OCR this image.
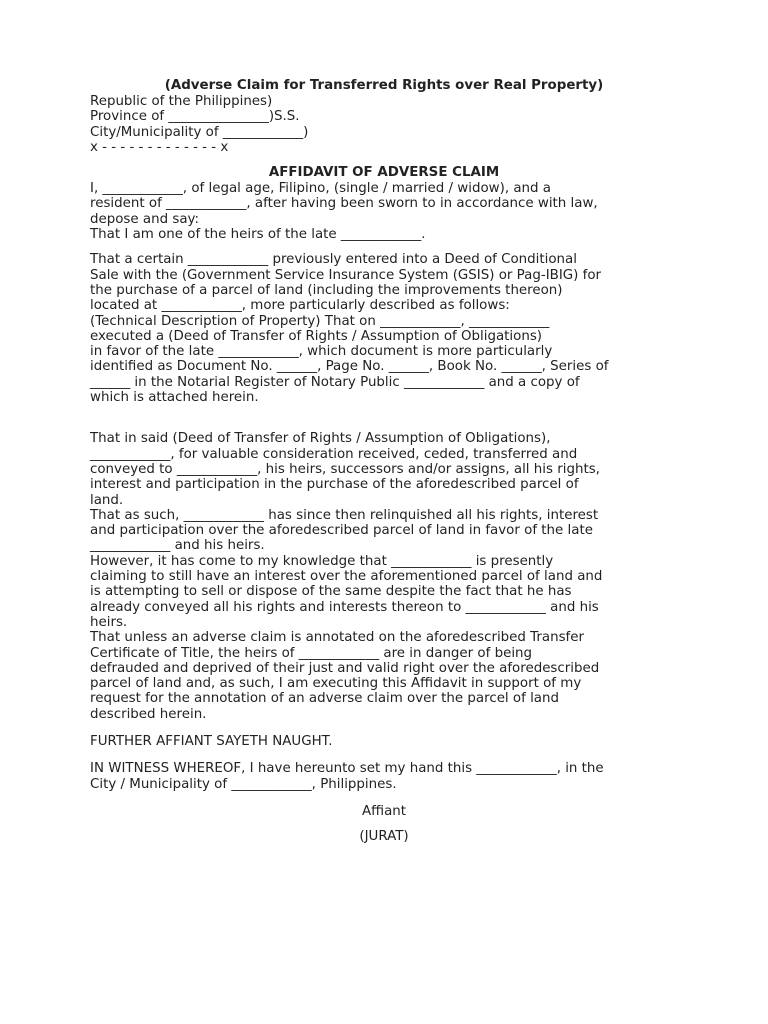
(Adverse Claim for Transferred Rights over Real Property)

Republic of the Philippines)

Province of _______________)S.S.

City/Municipality of ____________)

x - - - - - - - - - - - - - x

AFFIDAVIT OF ADVERSE CLAIM

I, ____________, of legal age, Filipino, (single / married / widow), and a

resident of ____________, after having been sworn to in accordance with law,

depose and say:

That I am one of the heirs of the late ____________.

That a certain ____________ previously entered into a Deed of Conditional

Sale with the (Government Service Insurance System (GSIS) or Pag-IBIG) for

the purchase of a parcel of land (including the improvements thereon)

located at ____________, more particularly described as follows:

(Technical Description of Property) That on ____________, ____________

executed a (Deed of Transfer of Rights / Assumption of Obligations)

in favor of the late ____________, which document is more particularly

identified as Document No. ______, Page No. ______, Book No. ______, Series of

______ in the Notarial Register of Notary Public ____________ and a copy of

which is attached herein.

That in said (Deed of Transfer of Rights / Assumption of Obligations),

____________, for valuable consideration received, ceded, transferred and

conveyed to ____________, his heirs, successors and/or assigns, all his rights,

interest and participation in the purchase of the aforedescribed parcel of

land.

That as such, ____________ has since then relinquished all his rights, interest

and participation over the aforedescribed parcel of land in favor of the late

____________ and his heirs.

However, it has come to my knowledge that ____________ is presently

claiming to still have an interest over the aforementioned parcel of land and

is attempting to sell or dispose of the same despite the fact that he has

already conveyed all his rights and interests thereon to ____________ and his

heirs.

That unless an adverse claim is annotated on the aforedescribed Transfer

Certificate of Title, the heirs of ____________ are in danger of being

defrauded and deprived of their just and valid right over the aforedescribed

parcel of land and, as such, I am executing this Affidavit in support of my

request for the annotation of an adverse claim over the parcel of land

described herein.

FURTHER AFFIANT SAYETH NAUGHT.

IN WITNESS WHEREOF, I have hereunto set my hand this ____________, in the

City / Municipality of ____________, Philippines.

Affiant

(JURAT)
